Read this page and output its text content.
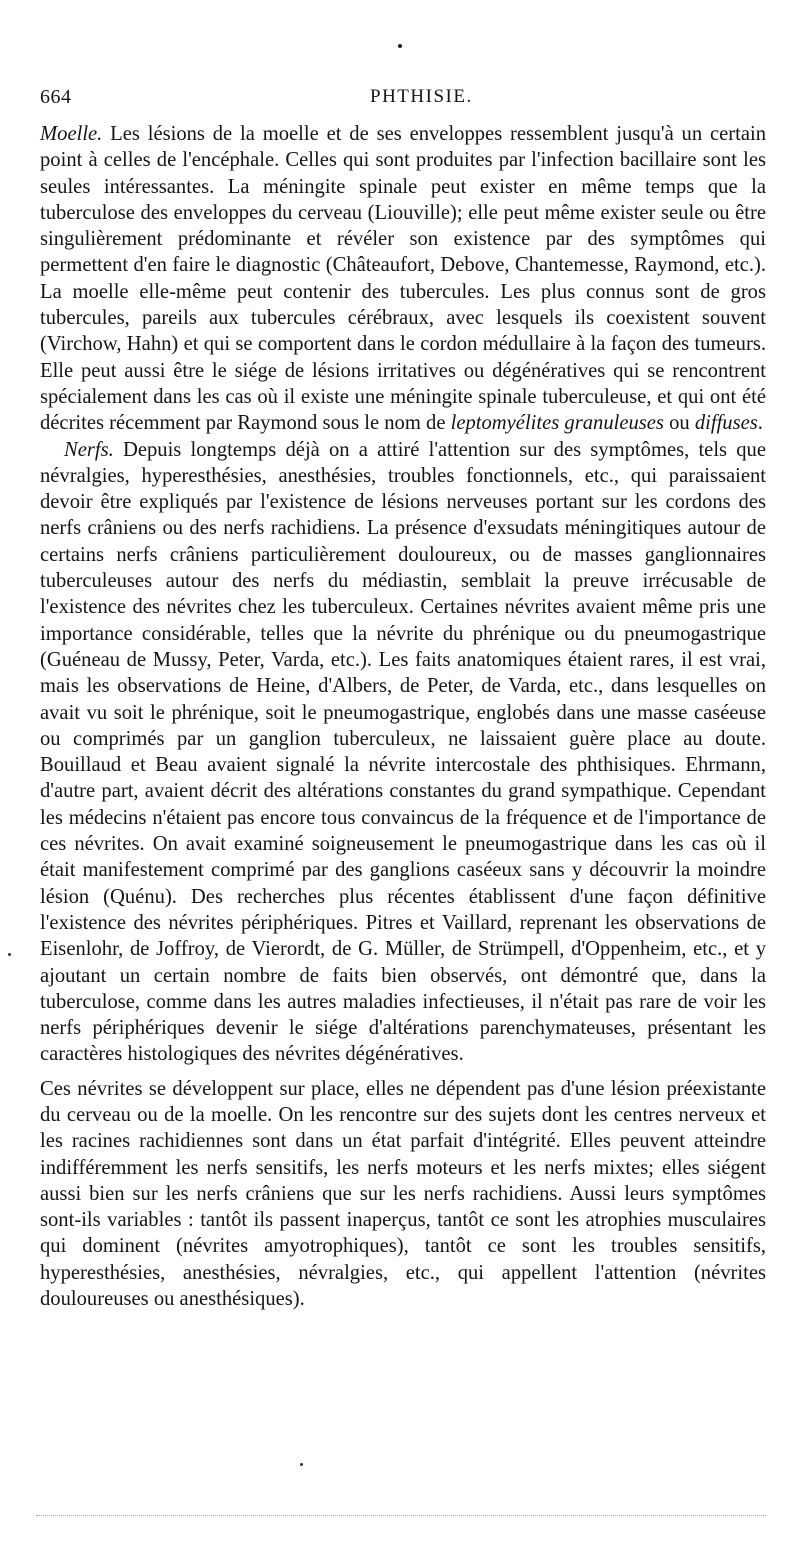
664	PHTHISIE.
Moelle. Les lésions de la moelle et de ses enveloppes ressemblent jusqu'à un certain point à celles de l'encéphale. Celles qui sont produites par l'infection bacillaire sont les seules intéressantes. La méningite spinale peut exister en même temps que la tuberculose des enveloppes du cerveau (Liouville); elle peut même exister seule ou être singulièrement prédominante et révéler son existence par des symptômes qui permettent d'en faire le diagnostic (Châteaufort, Debove, Chantemesse, Raymond, etc.). La moelle elle-même peut contenir des tubercules. Les plus connus sont de gros tubercules, pareils aux tubercules cérébraux, avec lesquels ils coexistent souvent (Virchow, Hahn) et qui se comportent dans le cordon médullaire à la façon des tumeurs. Elle peut aussi être le siége de lésions irritatives ou dégénératives qui se rencontrent spécialement dans les cas où il existe une méningite spinale tuberculeuse, et qui ont été décrites récemment par Raymond sous le nom de leptomyélites granuleuses ou diffuses.
Nerfs. Depuis longtemps déjà on a attiré l'attention sur des symptômes, tels que névralgies, hyperesthésies, anesthésies, troubles fonctionnels, etc., qui paraissaient devoir être expliqués par l'existence de lésions nerveuses portant sur les cordons des nerfs crâniens ou des nerfs rachidiens. La présence d'exsudats méningitiques autour de certains nerfs crâniens particulièrement douloureux, ou de masses ganglionnaires tuberculeuses autour des nerfs du médiastin, semblait la preuve irrécusable de l'existence des névrites chez les tuberculeux. Certaines névrites avaient même pris une importance considérable, telles que la névrite du phrénique ou du pneumogastrique (Guéneau de Mussy, Peter, Varda, etc.). Les faits anatomiques étaient rares, il est vrai, mais les observations de Heine, d'Albers, de Peter, de Varda, etc., dans lesquelles on avait vu soit le phrénique, soit le pneumogastrique, englobés dans une masse caséeuse ou comprimés par un ganglion tuberculeux, ne laissaient guère place au doute. Bouillaud et Beau avaient signalé la névrite intercostale des phthisiques. Ehrmann, d'autre part, avaient décrit des altérations constantes du grand sympathique. Cependant les médecins n'étaient pas encore tous convaincus de la fréquence et de l'importance de ces névrites. On avait examiné soigneusement le pneumogastrique dans les cas où il était manifestement comprimé par des ganglions caséeux sans y découvrir la moindre lésion (Quénu). Des recherches plus récentes établissent d'une façon définitive l'existence des névrites périphériques. Pitres et Vaillard, reprenant les observations de Eisenlohr, de Joffroy, de Vierordt, de G. Müller, de Strümpell, d'Oppenheim, etc., et y ajoutant un certain nombre de faits bien observés, ont démontré que, dans la tuberculose, comme dans les autres maladies infectieuses, il n'était pas rare de voir les nerfs périphériques devenir le siége d'altérations parenchymateuses, présentant les caractères histologiques des névrites dégénératives.
Ces névrites se développent sur place, elles ne dépendent pas d'une lésion préexistante du cerveau ou de la moelle. On les rencontre sur des sujets dont les centres nerveux et les racines rachidiennes sont dans un état parfait d'intégrité. Elles peuvent atteindre indifféremment les nerfs sensitifs, les nerfs moteurs et les nerfs mixtes; elles siégent aussi bien sur les nerfs crâniens que sur les nerfs rachidiens. Aussi leurs symptômes sont-ils variables : tantôt ils passent inaperçus, tantôt ce sont les atrophies musculaires qui dominent (névrites amyotrophiques), tantôt ce sont les troubles sensitifs, hyperesthésies, anesthésies, névralgies, etc., qui appellent l'attention (névrites douloureuses ou anesthésiques).
